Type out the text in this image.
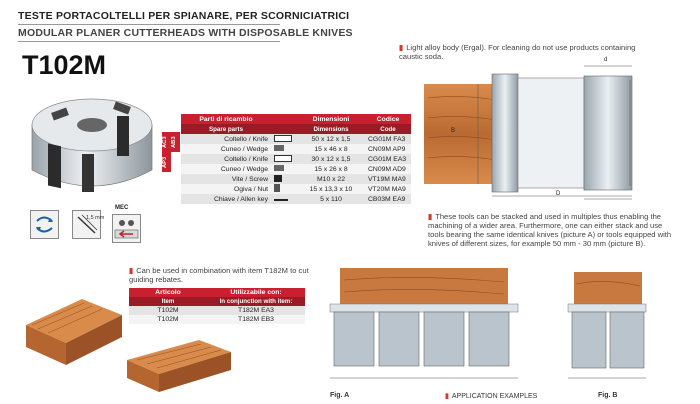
TESTE PORTACOLTELLI PER SPIANARE, PER SCORNICIATRICI
MODULAR PLANER CUTTERHEADS WITH DISPOSABLE KNIVES
T102M
AC3 AB3
AP3
Parti di ricambio		Dimensioni	Codice
Spare parts		Dimensions	Code
Coltello / Knife		50 x 12 x 1,5	CG01M FA3
Cuneo / Wedge		15 x 46 x 8	CN09M AP9
Coltello / Knife		30 x 12 x 1,5	CG01M EA3
Cuneo / Wedge		15 x 26 x 8	CN09M AD9
Vite / Screw		M10 x 22	VT19M MA9
Ogiva / Nut		15 x 13,3 x 10	VT20M MA9
Chiave / Allen key		5 x 110	CB03M EA9
1,5 mm
MEC
▮ Light alloy body (Ergal). For cleaning do not use products containing caustic soda.	d
D
B
▮ These tools can be stacked and used in multiples thus enabling the machining of a wider area. Furthermore, one can either stack and use tools bearing the same identical knives (picture A) or tools equipped with knives of different sizes, for example 50 mm - 30 mm (picture B).
▮ Can be used in combination with item T182M to cut guiding rebates.
Articolo	Utilizzabile con:
Item	In conjunction with item:
T102M	T182M EA3
T102M	T182M EB3
Fig. A	▮ APPLICATION EXAMPLES	Fig. B
